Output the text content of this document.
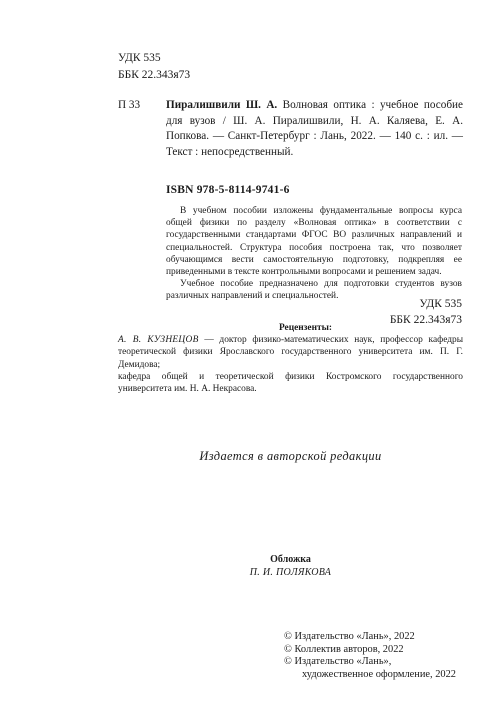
УДК 535
ББК 22.343я73
П 33 Пиралишвили Ш. А. Волновая оптика : учебное пособие для вузов / Ш. А. Пиралишвили, Н. А. Каляева, Е. А. Попкова. — Санкт-Петербург : Лань, 2022. — 140 с. : ил. — Текст : непосредственный.
ISBN 978-5-8114-9741-6

В учебном пособии изложены фундаментальные вопросы курса общей физики по разделу «Волновая оптика» в соответствии с государственными стандартами ФГОС ВО различных направлений и специальностей. Структура пособия построена так, что позволяет обучающимся вести самостоятельную подготовку, подкрепляя ее приведенными в тексте контрольными вопросами и решением задач.

Учебное пособие предназначено для подготовки студентов вузов различных направлений и специальностей.

УДК 535
ББК 22.343я73
Рецензенты:

А. В. КУЗНЕЦОВ — доктор физико-математических наук, профессор кафедры теоретической физики Ярославского государственного университета им. П. Г. Демидова;

кафедра общей и теоретической физики Костромского государственного университета им. Н. А. Некрасова.

Издается в авторской редакции
Обложка
П. И. ПОЛЯКОВА
© Издательство «Лань», 2022
© Коллектив авторов, 2022
© Издательство «Лань»,
художественное оформление, 2022
